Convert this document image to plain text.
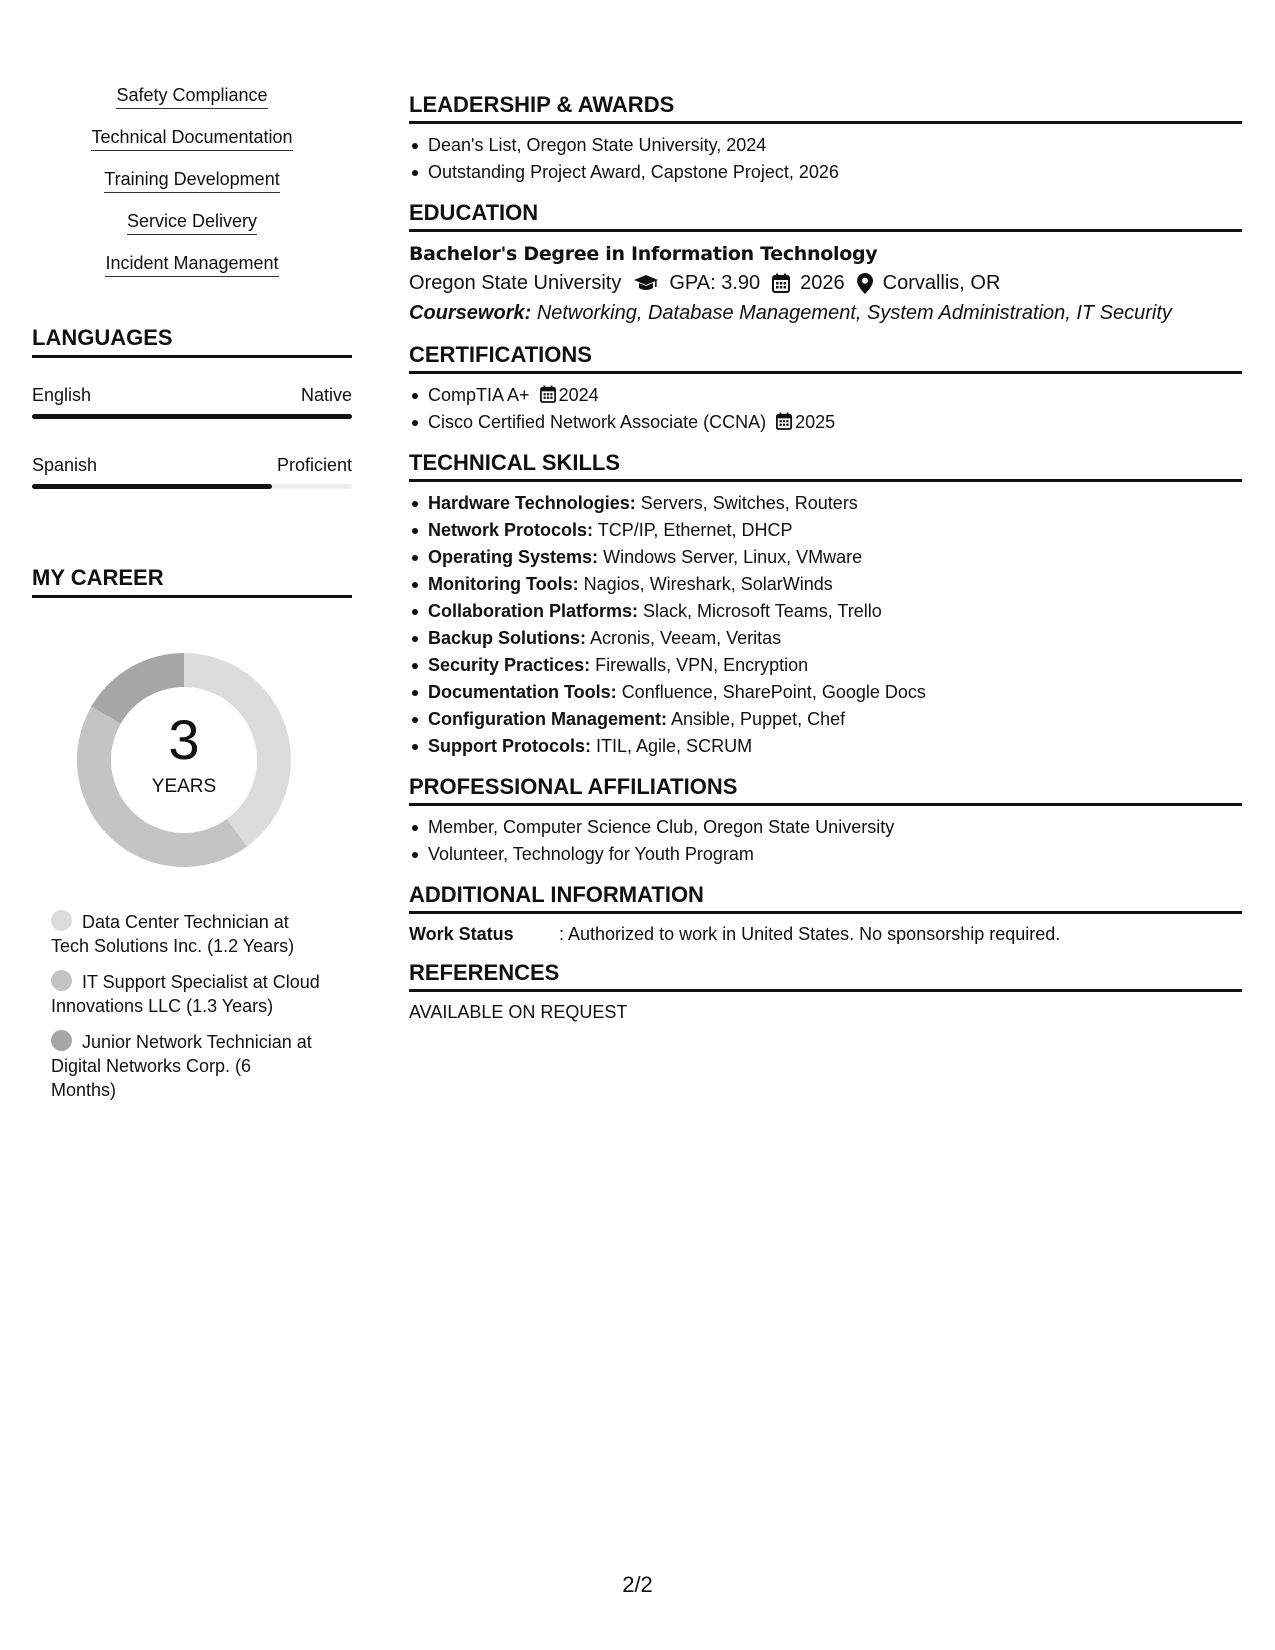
Safety Compliance
Technical Documentation
Training Development
Service Delivery
Incident Management
LANGUAGES
English	Native
Spanish	Proficient
MY CAREER
3
YEARS
Data Center Technician at Tech Solutions Inc. (1.2 Years)
IT Support Specialist at Cloud Innovations LLC (1.3 Years)
Junior Network Technician at Digital Networks Corp. (6 Months)
LEADERSHIP & AWARDS
Dean's List, Oregon State University, 2024
Outstanding Project Award, Capstone Project, 2026
EDUCATION
Bachelor's Degree in Information Technology
Oregon State University GPA: 3.90 2026 Corvallis, OR
Coursework: Networking, Database Management, System Administration, IT Security
CERTIFICATIONS
CompTIA A+ 2024
Cisco Certified Network Associate (CCNA) 2025
TECHNICAL SKILLS
Hardware Technologies: Servers, Switches, Routers
Network Protocols: TCP/IP, Ethernet, DHCP
Operating Systems: Windows Server, Linux, VMware
Monitoring Tools: Nagios, Wireshark, SolarWinds
Collaboration Platforms: Slack, Microsoft Teams, Trello
Backup Solutions: Acronis, Veeam, Veritas
Security Practices: Firewalls, VPN, Encryption
Documentation Tools: Confluence, SharePoint, Google Docs
Configuration Management: Ansible, Puppet, Chef
Support Protocols: ITIL, Agile, SCRUM
PROFESSIONAL AFFILIATIONS
Member, Computer Science Club, Oregon State University
Volunteer, Technology for Youth Program
ADDITIONAL INFORMATION
Work Status	: Authorized to work in United States. No sponsorship required.
REFERENCES
AVAILABLE ON REQUEST
2/2
